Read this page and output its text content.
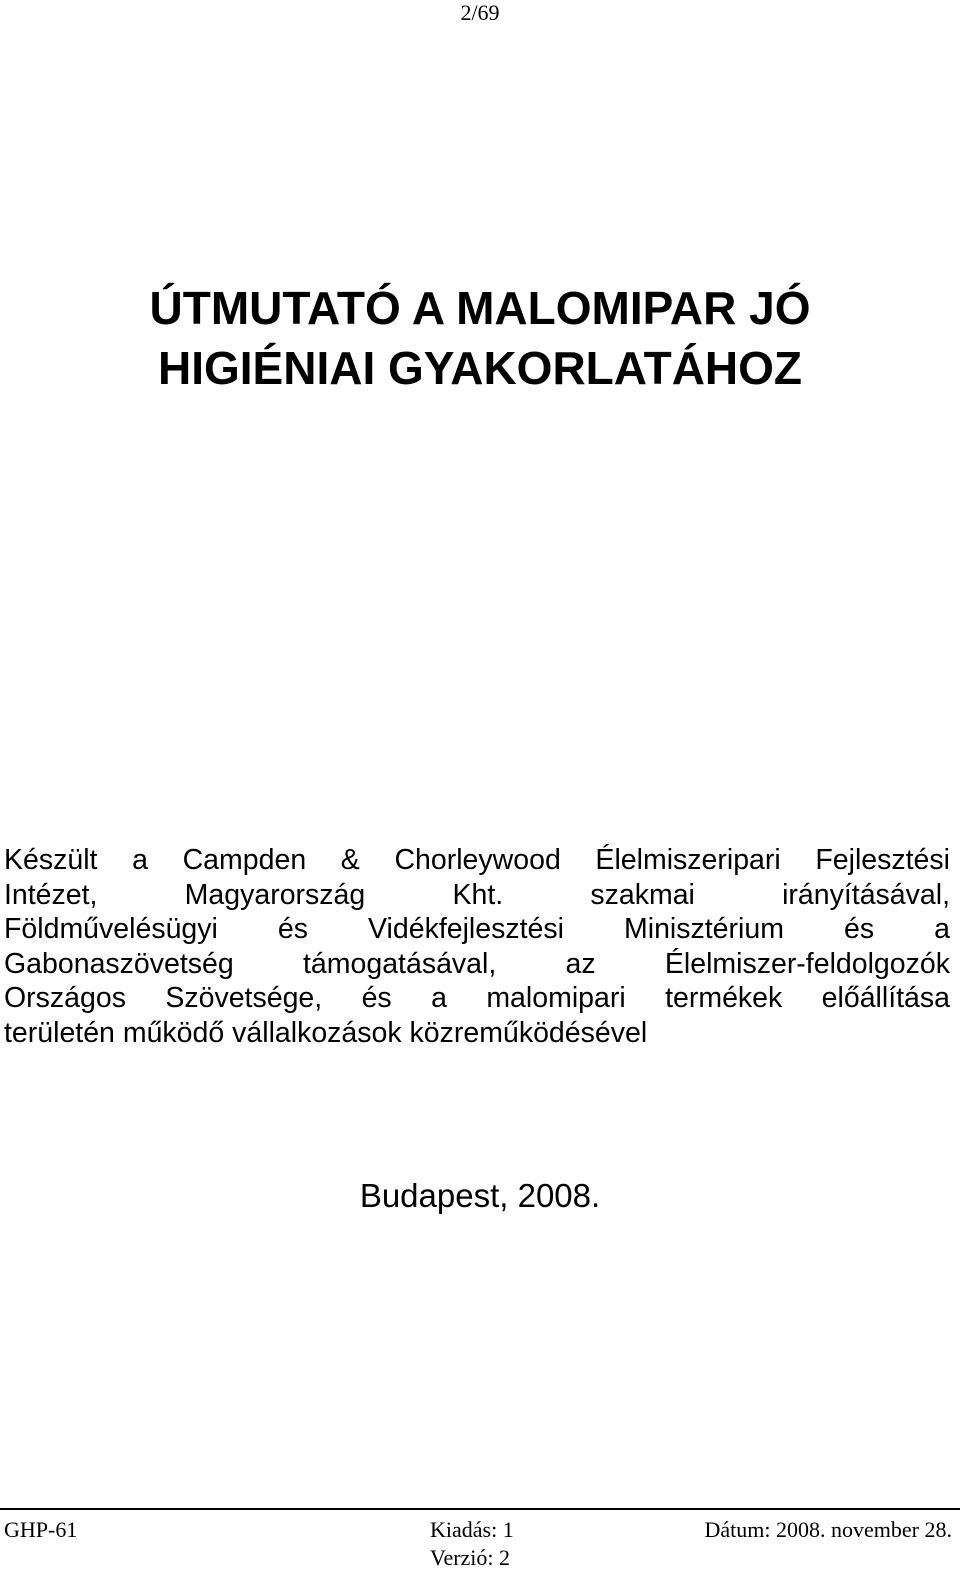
2/69
ÚTMUTATÓ A MALOMIPAR JÓ
HIGIÉNIAI GYAKORLATÁHOZ
Készült a Campden & Chorleywood Élelmiszeripari Fejlesztési
Intézet, Magyarország Kht. szakmai irányításával,
Földművelésügyi és Vidékfejlesztési Minisztérium és a
Gabonaszövetség támogatásával, az Élelmiszer-feldolgozók
Országos Szövetsége, és a malomipari termékek előállítása
területén működő vállalkozások közreműködésével
Budapest, 2008.
GHP-61	Kiadás: 1
Verzió: 2
Dátum: 2008. november 28.
